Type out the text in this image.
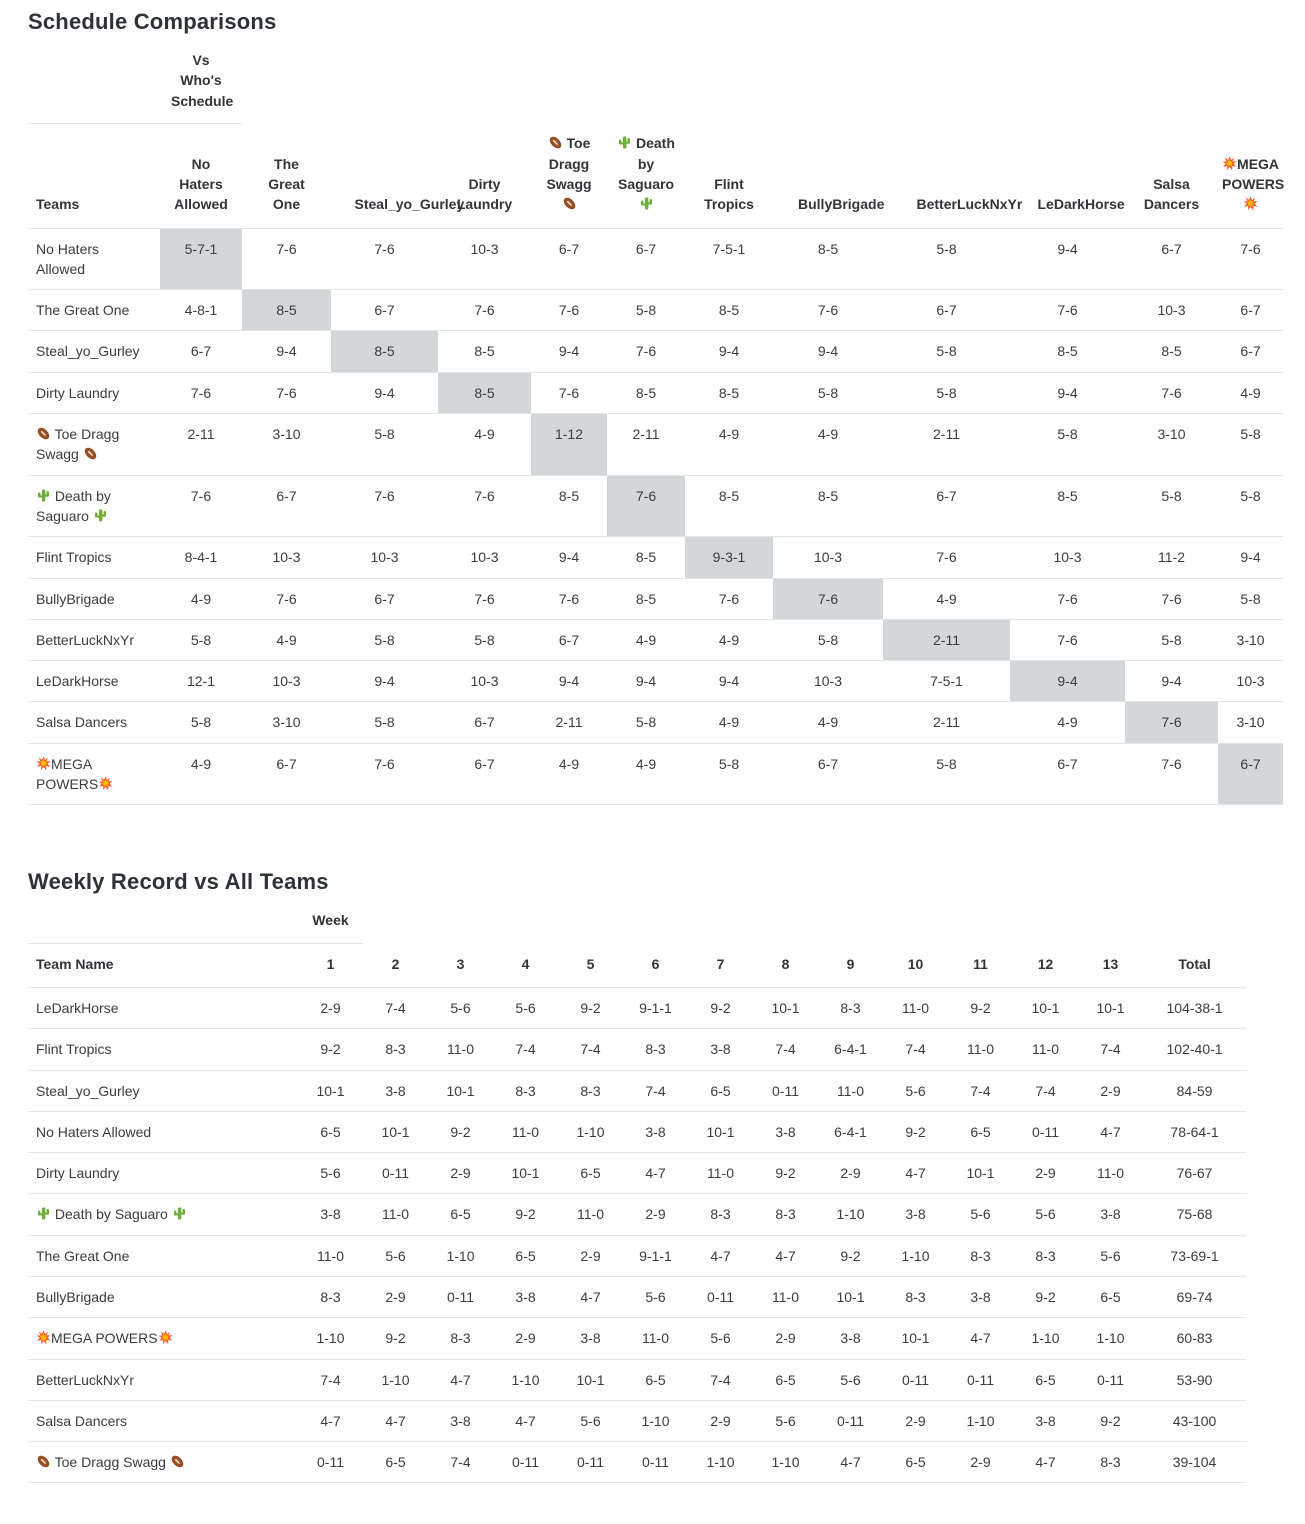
Schedule Comparisons

	Vs Who's Schedule											

Teams	No Haters Allowed	The Great One	Steal_yo_Gurley	Dirty Laundry	Toe Dragg Swagg	Death by Saguaro	Flint Tropics	BullyBrigade	BetterLuckNxYr	LeDarkHorse	Salsa Dancers	MEGA POWERS

No Haters Allowed	5-7-1	7-6	7-6	10-3	6-7	6-7	7-5-1	8-5	5-8	9-4	6-7	7-6

The Great One	4-8-1	8-5	6-7	7-6	7-6	5-8	8-5	7-6	6-7	7-6	10-3	6-7

Steal_yo_Gurley	6-7	9-4	8-5	8-5	9-4	7-6	9-4	9-4	5-8	8-5	8-5	6-7

Dirty Laundry	7-6	7-6	9-4	8-5	7-6	8-5	8-5	5-8	5-8	9-4	7-6	4-9

Toe Dragg Swagg	2-11	3-10	5-8	4-9	1-12	2-11	4-9	4-9	2-11	5-8	3-10	5-8

Death by Saguaro	7-6	6-7	7-6	7-6	8-5	7-6	8-5	8-5	6-7	8-5	5-8	5-8

Flint Tropics	8-4-1	10-3	10-3	10-3	9-4	8-5	9-3-1	10-3	7-6	10-3	11-2	9-4

BullyBrigade	4-9	7-6	6-7	7-6	7-6	8-5	7-6	7-6	4-9	7-6	7-6	5-8

BetterLuckNxYr	5-8	4-9	5-8	5-8	6-7	4-9	4-9	5-8	2-11	7-6	5-8	3-10

LeDarkHorse	12-1	10-3	9-4	10-3	9-4	9-4	9-4	10-3	7-5-1	9-4	9-4	10-3

Salsa Dancers	5-8	3-10	5-8	6-7	2-11	5-8	4-9	4-9	2-11	4-9	7-6	3-10

MEGA POWERS	4-9	6-7	7-6	6-7	4-9	4-9	5-8	6-7	5-8	6-7	7-6	6-7
Weekly Record vs All Teams
	Week													
Team Name	1	2	3	4	5	6	7	8	9	10	11	12	13	Total
LeDarkHorse	2-9	7-4	5-6	5-6	9-2	9-1-1	9-2	10-1	8-3	11-0	9-2	10-1	10-1	104-38-1
Flint Tropics	9-2	8-3	11-0	7-4	7-4	8-3	3-8	7-4	6-4-1	7-4	11-0	11-0	7-4	102-40-1
Steal_yo_Gurley	10-1	3-8	10-1	8-3	8-3	7-4	6-5	0-11	11-0	5-6	7-4	7-4	2-9	84-59
No Haters Allowed	6-5	10-1	9-2	11-0	1-10	3-8	10-1	3-8	6-4-1	9-2	6-5	0-11	4-7	78-64-1
Dirty Laundry	5-6	0-11	2-9	10-1	6-5	4-7	11-0	9-2	2-9	4-7	10-1	2-9	11-0	76-67
Death by Saguaro	3-8	11-0	6-5	9-2	11-0	2-9	8-3	8-3	1-10	3-8	5-6	5-6	3-8	75-68
The Great One	11-0	5-6	1-10	6-5	2-9	9-1-1	4-7	4-7	9-2	1-10	8-3	8-3	5-6	73-69-1
BullyBrigade	8-3	2-9	0-11	3-8	4-7	5-6	0-11	11-0	10-1	8-3	3-8	9-2	6-5	69-74
MEGA POWERS	1-10	9-2	8-3	2-9	3-8	11-0	5-6	2-9	3-8	10-1	4-7	1-10	1-10	60-83
BetterLuckNxYr	7-4	1-10	4-7	1-10	10-1	6-5	7-4	6-5	5-6	0-11	0-11	6-5	0-11	53-90
Salsa Dancers	4-7	4-7	3-8	4-7	5-6	1-10	2-9	5-6	0-11	2-9	1-10	3-8	9-2	43-100
Toe Dragg Swagg	0-11	6-5	7-4	0-11	0-11	0-11	1-10	1-10	4-7	6-5	2-9	4-7	8-3	39-104
